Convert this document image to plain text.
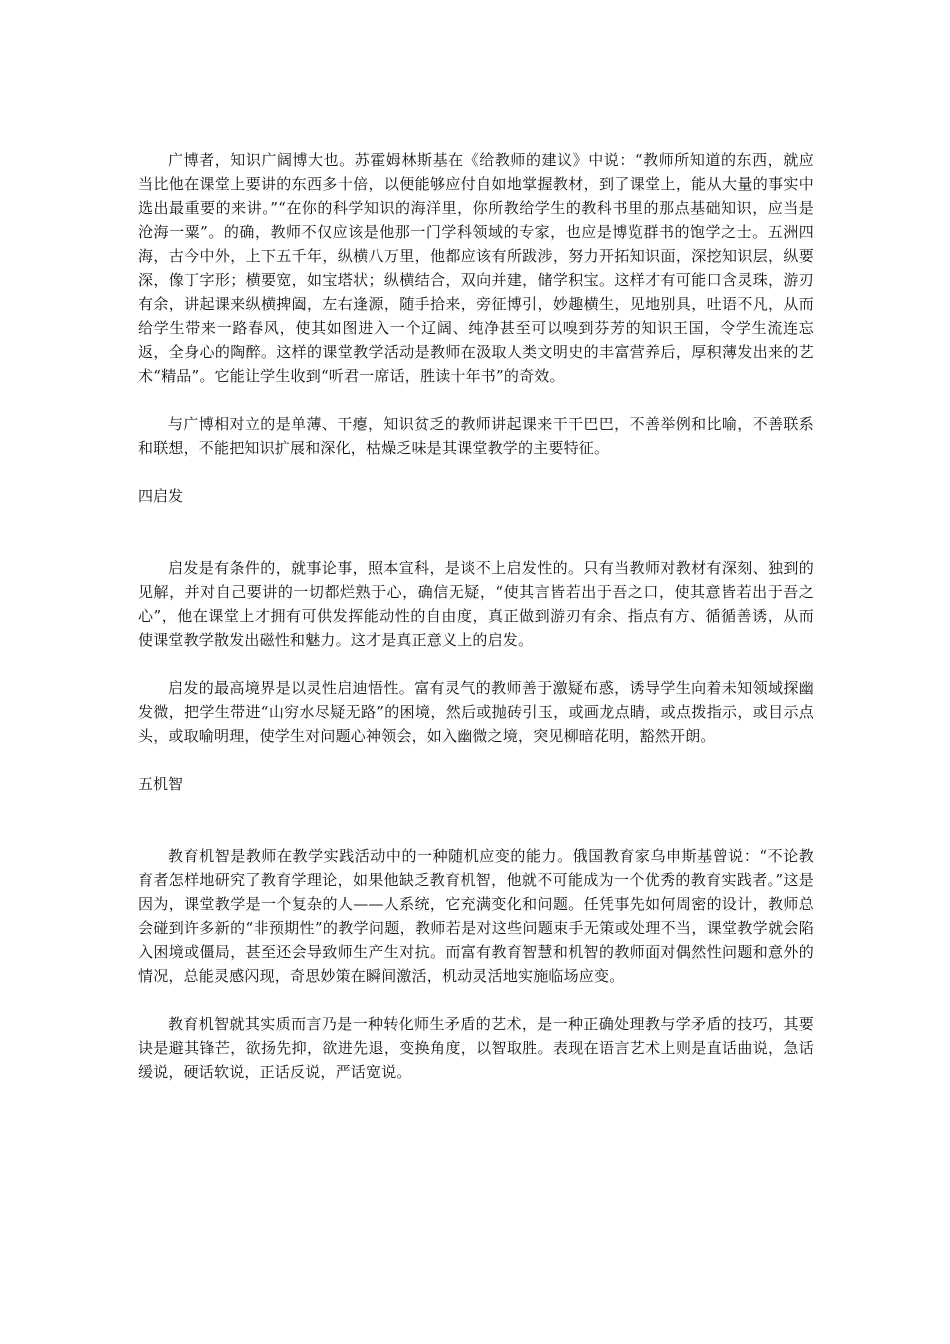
广博者，知识广阔博大也。苏霍姆林斯基在《给教师的建议》中说：“教师所知道的东西，就应当比他在课堂上要讲的东西多十倍，以便能够应付自如地掌握教材，到了课堂上，能从大量的事实中选出最重要的来讲。”“在你的科学知识的海洋里，你所教给学生的教科书里的那点基础知识，应当是沧海一粟”。的确，教师不仅应该是他那一门学科领域的专家，也应是博览群书的饱学之士。五洲四海，古今中外，上下五千年，纵横八万里，他都应该有所跋涉，努力开拓知识面，深挖知识层，纵要深，像丁字形；横要宽，如宝塔状；纵横结合，双向并建，储学积宝。这样才有可能口含灵珠，游刃有余，讲起课来纵横捭阖，左右逢源，随手拾来，旁征博引，妙趣横生，见地别具，吐语不凡，从而给学生带来一路春风，使其如图进入一个辽阔、纯净甚至可以嗅到芬芳的知识王国，令学生流连忘返，全身心的陶醉。这样的课堂教学活动是教师在汲取人类文明史的丰富营养后，厚积薄发出来的艺术“精品”。它能让学生收到“听君一席话，胜读十年书”的奇效。

与广博相对立的是单薄、干瘪，知识贫乏的教师讲起课来干干巴巴，不善举例和比喻，不善联系和联想，不能把知识扩展和深化，枯燥乏味是其课堂教学的主要特征。

四启发

启发是有条件的，就事论事，照本宣科，是谈不上启发性的。只有当教师对教材有深刻、独到的见解，并对自己要讲的一切都烂熟于心，确信无疑，“使其言皆若出于吾之口，使其意皆若出于吾之心”，他在课堂上才拥有可供发挥能动性的自由度，真正做到游刃有余、指点有方、循循善诱，从而使课堂教学散发出磁性和魅力。这才是真正意义上的启发。

启发的最高境界是以灵性启迪悟性。富有灵气的教师善于激疑布惑，诱导学生向着未知领域探幽发微，把学生带进“山穷水尽疑无路”的困境，然后或抛砖引玉，或画龙点睛，或点拨指示，或目示点头，或取喻明理，使学生对问题心神领会，如入幽微之境，突见柳暗花明，豁然开朗。

五机智

教育机智是教师在教学实践活动中的一种随机应变的能力。俄国教育家乌申斯基曾说：“不论教育者怎样地研究了教育学理论，如果他缺乏教育机智，他就不可能成为一个优秀的教育实践者。”这是因为，课堂教学是一个复杂的人——人系统，它充满变化和问题。任凭事先如何周密的设计，教师总会碰到许多新的“非预期性”的教学问题，教师若是对这些问题束手无策或处理不当，课堂教学就会陷入困境或僵局，甚至还会导致师生产生对抗。而富有教育智慧和机智的教师面对偶然性问题和意外的情况，总能灵感闪现，奇思妙策在瞬间激活，机动灵活地实施临场应变。

教育机智就其实质而言乃是一种转化师生矛盾的艺术，是一种正确处理教与学矛盾的技巧，其要诀是避其锋芒，欲扬先抑，欲进先退，变换角度，以智取胜。表现在语言艺术上则是直话曲说，急话缓说，硬话软说，正话反说，严话宽说。
